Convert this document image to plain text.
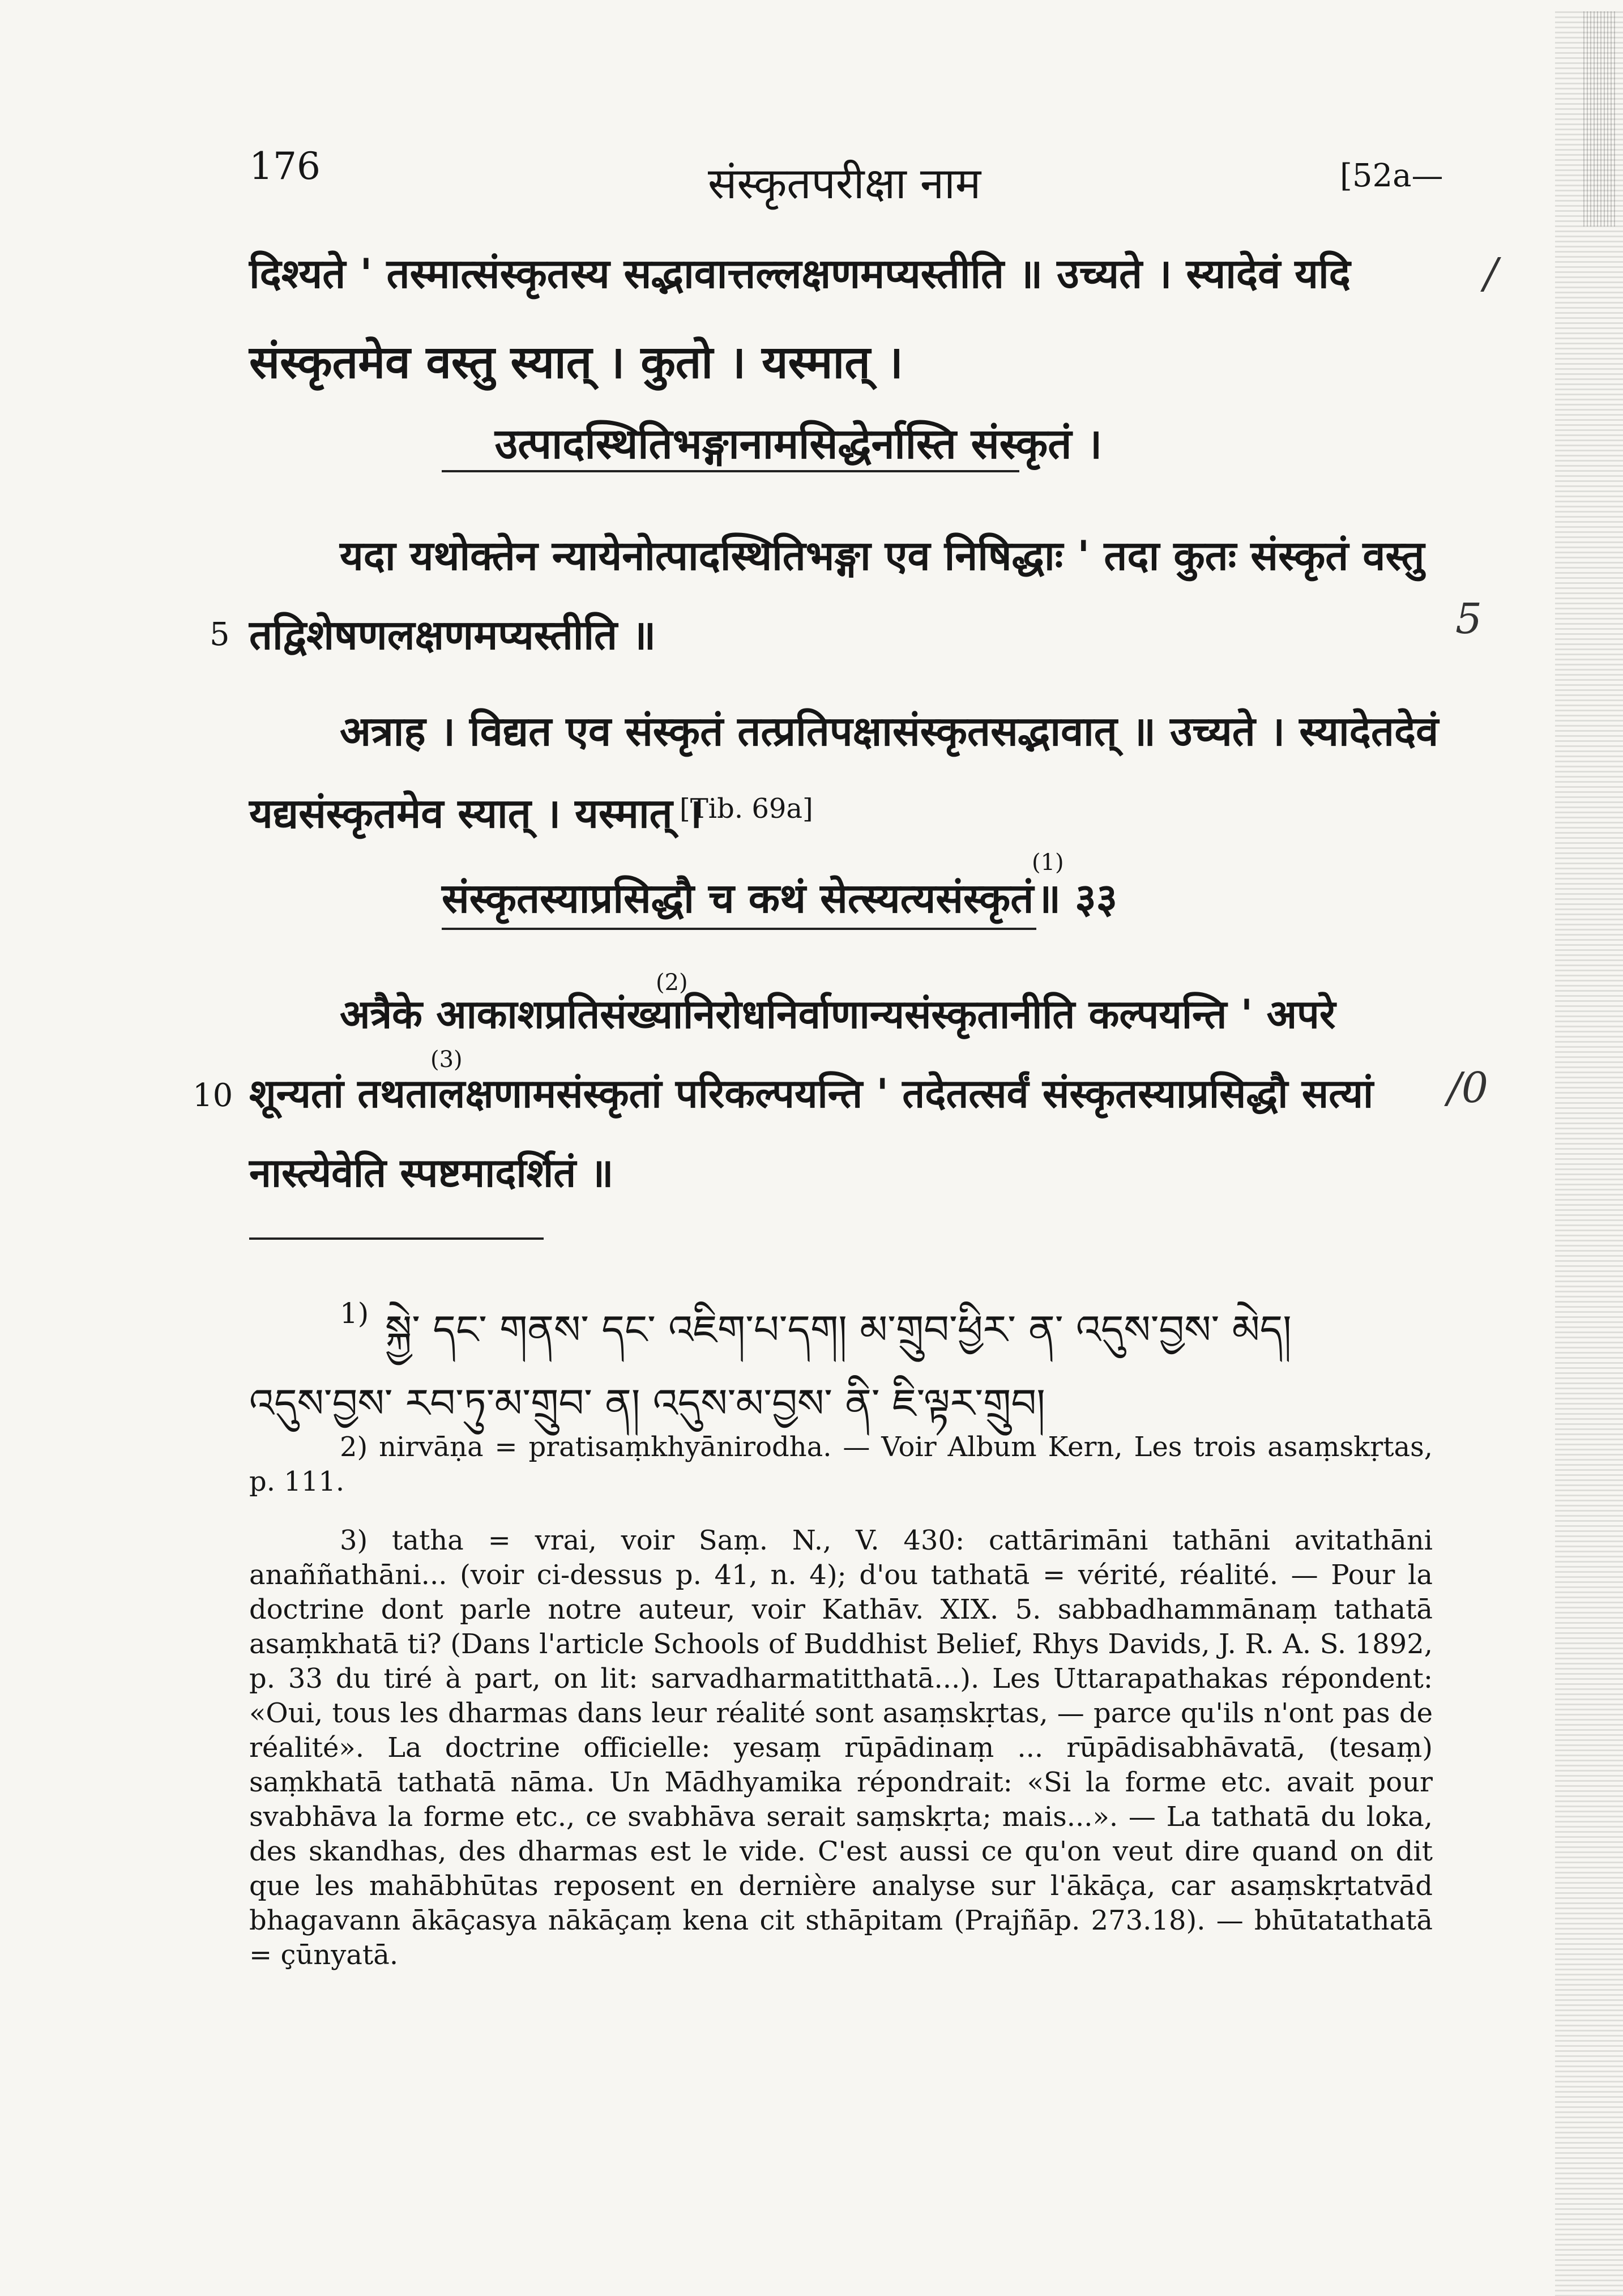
176	संस्कृतपरीक्षा नाम	[52a—
दिश्यते ' तस्मात्संस्कृतस्य सद्भावात्तल्लक्षणमप्यस्तीति ॥ उच्यते । स्यादेवं यदि	/
संस्कृतमेव वस्तु स्यात् । कुतो । यस्मात् ।
उत्पादस्थितिभङ्गानामसिद्धेर्नास्ति संस्कृतं ।
यदा यथोक्तेन न्यायेनोत्पादस्थितिभङ्गा एव निषिद्धाः ' तदा कुतः संस्कृतं वस्तु
5 तद्विशेषणलक्षणमप्यस्तीति ॥	5
अत्राह । विद्यत एव संस्कृतं तत्प्रतिपक्षासंस्कृतसद्भावात् ॥ उच्यते । स्यादेतदेवं
यद्यसंस्कृतमेव स्यात् । यस्मात् ।
[Tib. 69a]
संस्कृतस्याप्रसिद्धौ च कथं सेत्स्यत्यसंस्कृतं
(1)
॥ ३३
(2)
अत्रैके आकाशप्रतिसंख्यानिरोधनिर्वाणान्यसंस्कृतानीति कल्पयन्ति ' अपरे
10
(3)
शून्यतां तथतालक्षणामसंस्कृतां परिकल्पयन्ति ' तदेतत्सर्वं संस्कृतस्याप्रसिद्धौ सत्यां /0
नास्त्येवेति स्पष्टमादर्शितं ॥
1) སྐྱེ་ དང་ གནས་ དང་ འཇིག་པ་དག། མ་གྲུབ་ཕྱིར་ ན་ འདུས་བྱས་ མེད།
འདུས་བྱས་ རབ་ཏུ་མ་གྲུབ་ ན། འདུས་མ་བྱས་ ནི་ ཇི་ལྟར་གྲུབ།

2) nirvāṇa = pratisaṃkhyānirodha. — Voir Album Kern, Les trois asaṃskṛtas, p. 111.

3) tatha = vrai, voir Saṃ. N., V. 430: cattārimāni tathāni avitathāni anaññathāni... (voir ci-dessus p. 41, n. 4); d'ou tathatā = vérité, réalité. — Pour la doctrine dont parle notre auteur, voir Kathāv. XIX. 5. sabbadhammānaṃ tathatā asaṃkhatā ti? (Dans l'article Schools of Buddhist Belief, Rhys Davids, J. R. A. S. 1892, p. 33 du tiré à part, on lit: sarvadharmatitthatā...). Les Uttarapathakas répondent: «Oui, tous les dharmas dans leur réalité sont asaṃskṛtas, — parce qu'ils n'ont pas de réalité». La doctrine officielle: yesaṃ rūpādinaṃ ... rūpādisabhāvatā, (tesaṃ) saṃkhatā tathatā nāma. Un Mādhyamika répondrait: «Si la forme etc. avait pour svabhāva la forme etc., ce svabhāva serait saṃskṛta; mais...». — La tathatā du loka, des skandhas, des dharmas est le vide. C'est aussi ce qu'on veut dire quand on dit que les mahābhūtas reposent en dernière analyse sur l'ākāça, car asaṃskṛtatvād bhagavann ākāçasya nākāçaṃ kena cit sthāpitam (Prajñāp. 273.18). — bhūtatathatā = çūnyatā.
